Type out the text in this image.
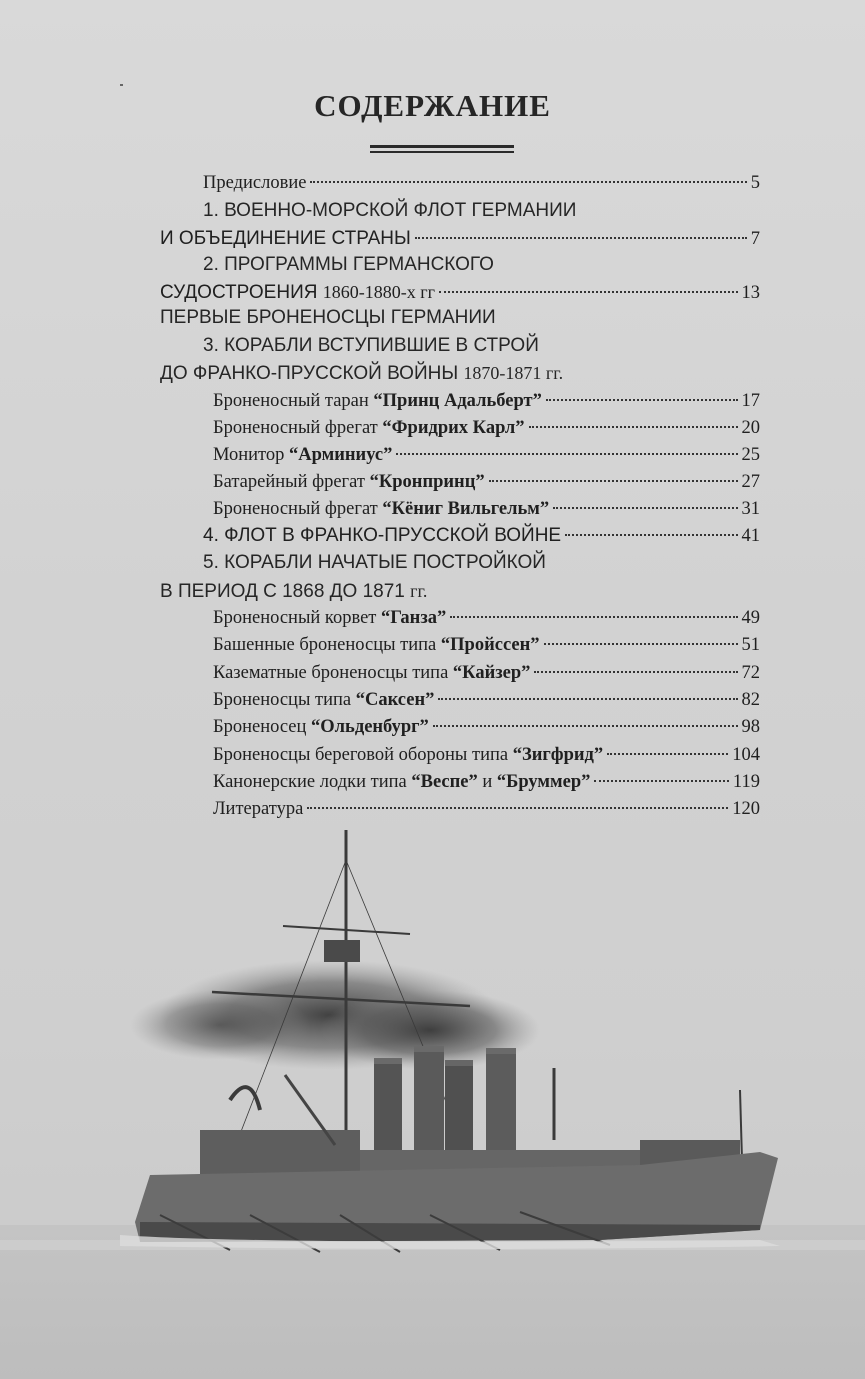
СОДЕРЖАНИЕ
Предисловие	5
1. ВОЕННО-МОРСКОЙ ФЛОТ ГЕРМАНИИ
И ОБЪЕДИНЕНИЕ СТРАНЫ	7
2. ПРОГРАММЫ ГЕРМАНСКОГО
СУДОСТРОЕНИЯ 1860-1880-х гг	13
ПЕРВЫЕ БРОНЕНОСЦЫ ГЕРМАНИИ
3. КОРАБЛИ ВСТУПИВШИЕ В СТРОЙ
ДО ФРАНКО-ПРУССКОЙ ВОЙНЫ 1870-1871 гг.
Броненосный таран “Принц Адальберт”	17
Броненосный фрегат “Фридрих Карл”	20
Монитор “Арминиус”	25
Батарейный фрегат “Кронпринц”	27
Броненосный фрегат “Кёниг Вильгельм”	31
4. ФЛОТ В ФРАНКО-ПРУССКОЙ ВОЙНЕ	41
5. КОРАБЛИ НАЧАТЫЕ ПОСТРОЙКОЙ
В ПЕРИОД С 1868 ДО 1871 гг.
Броненосный корвет “Ганза”	49
Башенные броненосцы типа “Пройссен”	51
Казематные броненосцы типа “Кайзер”	72
Броненосцы типа “Саксен”	82
Броненосец “Ольденбург”	98
Броненосцы береговой обороны типа “Зигфрид”	104
Канонерские лодки типа “Веспе” и “Бруммер”	119
Литература	120
